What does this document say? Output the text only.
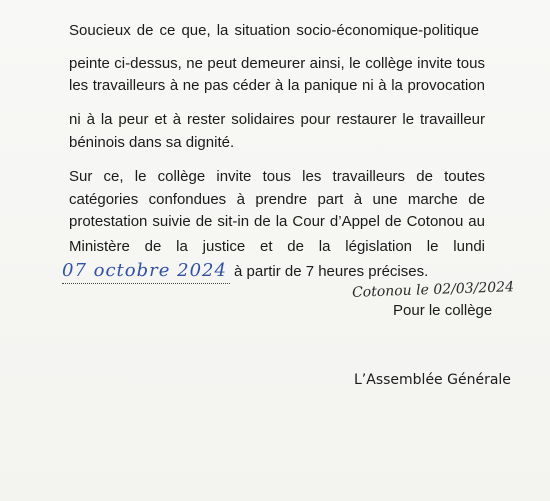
Soucieux de ce que, la situation socio-économique-politique
peinte ci-dessus, ne peut demeurer ainsi, le collège invite tous
les travailleurs à ne pas céder à la panique ni à la provocation
ni à la peur et à rester solidaires pour restaurer le travailleur
béninois dans sa dignité.
Sur ce, le collège invite tous les travailleurs de toutes
catégories confondues à prendre part à une marche de
protestation suivie de sit-in de la Cour d’Appel de Cotonou au
Ministère de la justice et de la législation le lundi
07 octobre 2024 à partir de 7 heures précises.
Cotonou le 02/03/2024
Pour le collège
L’Assemblée Générale
